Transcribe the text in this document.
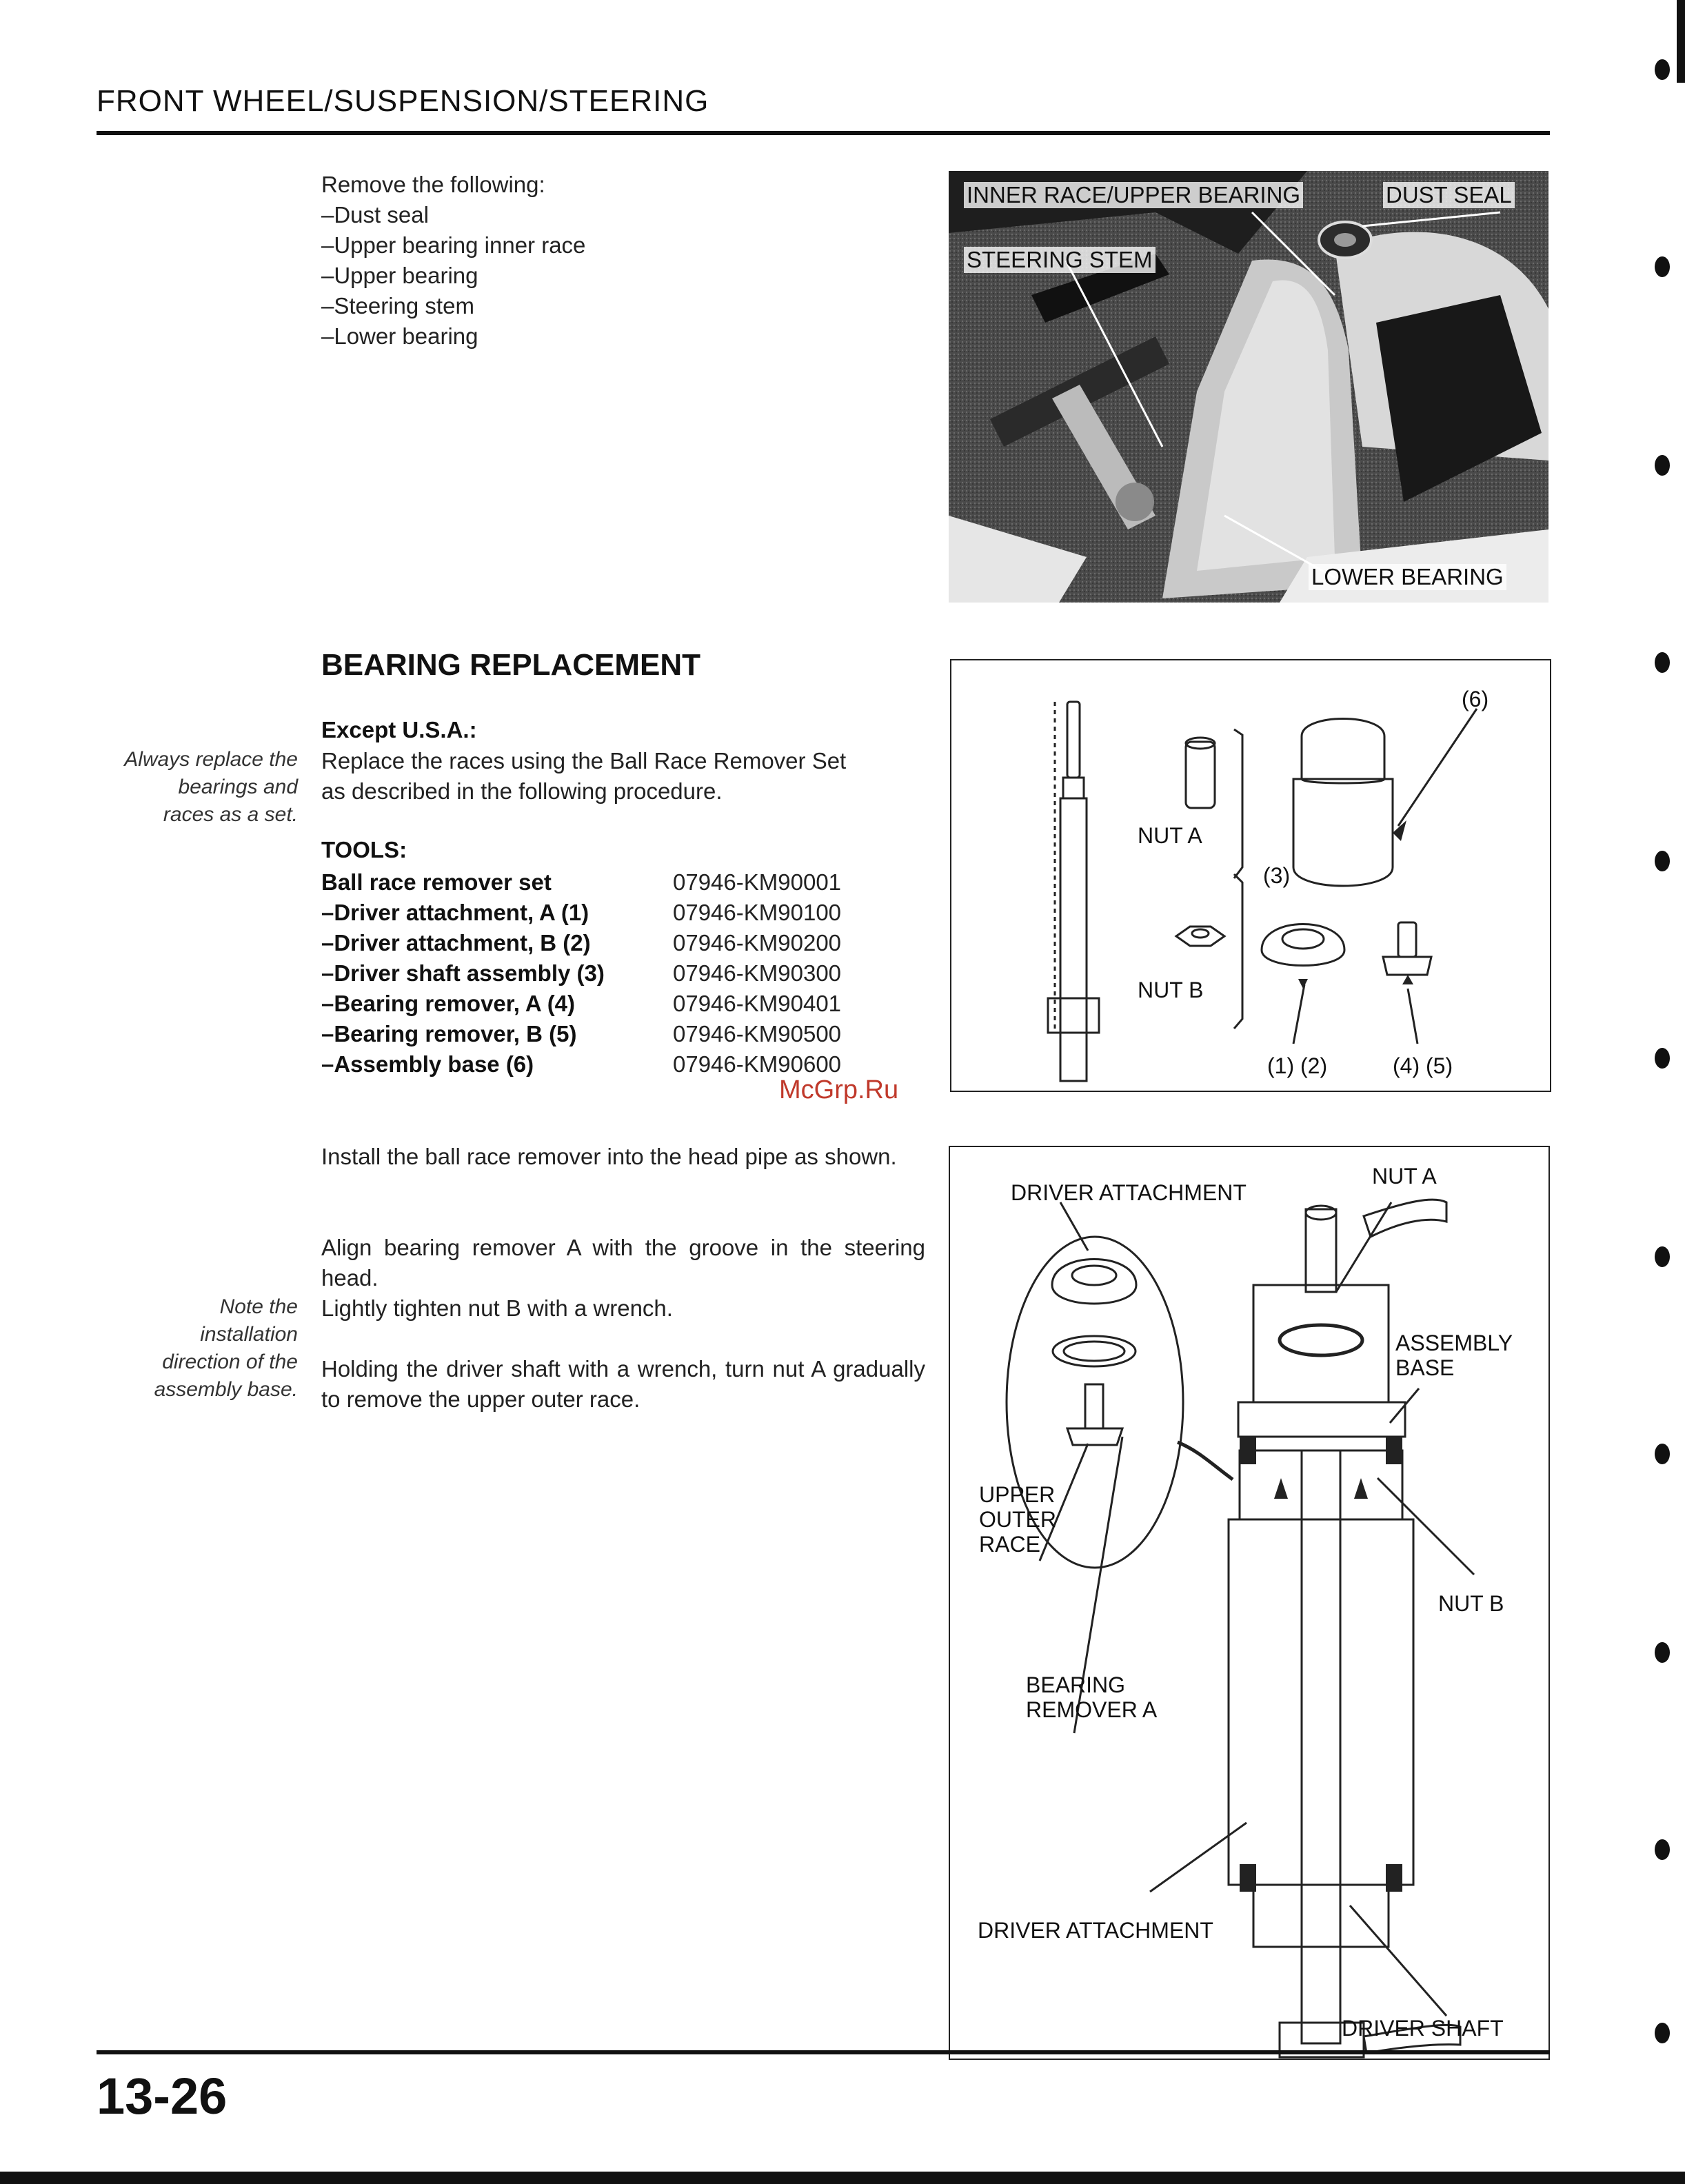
FRONT WHEEL/SUSPENSION/STEERING
Remove the following:
–Dust seal
–Upper bearing inner race
–Upper bearing
–Steering stem
–Lower bearing
INNER RACE/UPPER BEARING	DUST SEAL
STEERING STEM
LOWER BEARING
BEARING REPLACEMENT
Except U.S.A.:
Replace the races using the Ball Race Remover Set
as described in the following procedure.
Always replace the
bearings and
races as a set.
TOOLS:
Ball race remover set	07946-KM90001
–Driver attachment, A (1)	07946-KM90100
–Driver attachment, B (2)	07946-KM90200
–Driver shaft assembly (3)	07946-KM90300
–Bearing remover, A (4)	07946-KM90401
–Bearing remover, B (5)	07946-KM90500
–Assembly base (6)	07946-KM90600
McGrp.Ru
(6)
NUT A
(3)
NUT B
(1) (2)	(4) (5)
Install the ball race remover into the head pipe as shown.
Align bearing remover A with the groove in the steering head.
Lightly tighten nut B with a wrench.
Holding the driver shaft with a wrench, turn nut A gradually to remove the upper outer race.
Note the
installation
direction of the
assembly base.
DRIVER ATTACHMENT
NUT A
ASSEMBLY
BASE
UPPER
OUTER
RACE
NUT B
BEARING
REMOVER A
DRIVER ATTACHMENT
DRIVER SHAFT
13-26
